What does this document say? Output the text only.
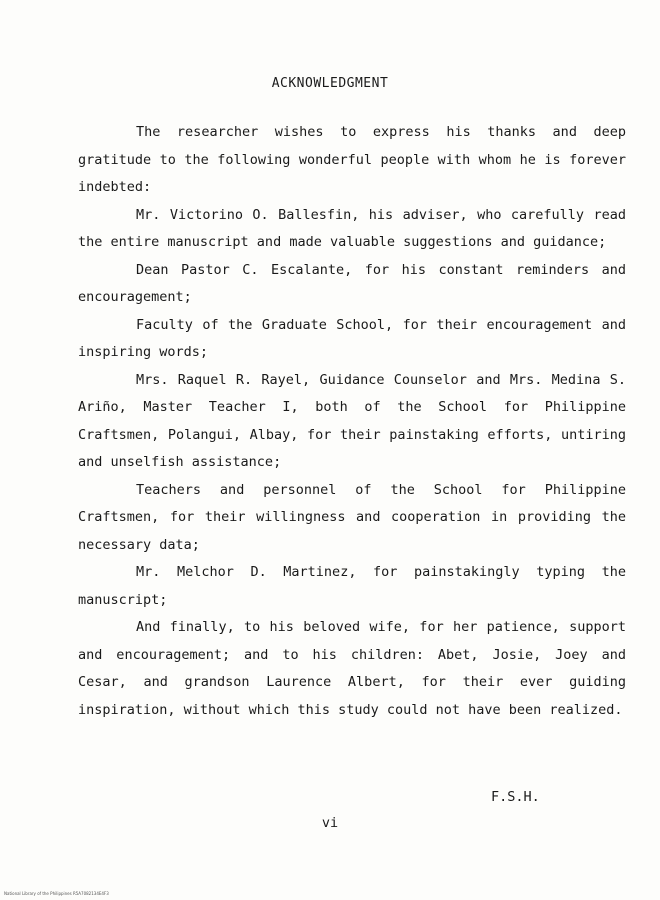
ACKNOWLEDGMENT

The researcher wishes to express his thanks and deep gratitude to the following wonderful people with whom he is forever indebted:

Mr. Victorino O. Ballesfin, his adviser, who carefully read the entire manuscript and made valuable suggestions and guidance;

Dean Pastor C. Escalante, for his constant reminders and encouragement;

Faculty of the Graduate School, for their encouragement and inspiring words;

Mrs. Raquel R. Rayel, Guidance Counselor and Mrs. Medina S. Ariño, Master Teacher I, both of the School for Philippine Craftsmen, Polangui, Albay, for their painstaking efforts, untiring and unselfish assistance;

Teachers and personnel of the School for Philippine Craftsmen, for their willingness and cooperation in providing the necessary data;

Mr. Melchor D. Martinez, for painstakingly typing the manuscript;

And finally, to his beloved wife, for her patience, support and encouragement; and to his children: Abet, Josie, Joey and Cesar, and grandson Laurence Albert, for their ever guiding inspiration, without which this study could not have been realized.

F.S.H.
vi
National Library of the Philippines R5A7082134E4F3
